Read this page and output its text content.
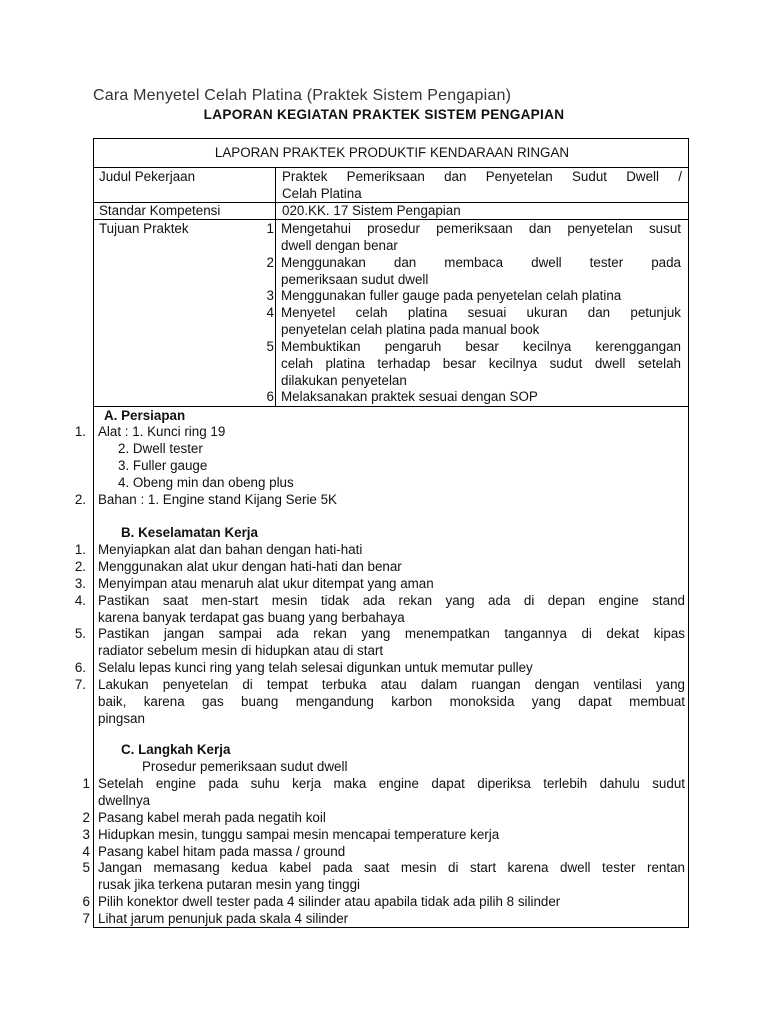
Cara Menyetel Celah Platina (Praktek Sistem Pengapian)
LAPORAN KEGIATAN PRAKTEK SISTEM PENGAPIAN
LAPORAN PRAKTEK PRODUKTIF KENDARAAN RINGAN
Judul Pekerjaan	Praktek Pemeriksaan dan Penyetelan Sudut Dwell /
Celah Platina
Standar Kompetensi	020.KK. 17 Sistem Pengapian
Tujuan Praktek	1 Mengetahui prosedur pemeriksaan dan penyetelan susut
dwell dengan benar
2 Menggunakan dan membaca dwell tester pada
pemeriksaan sudut dwell
3 Menggunakan fuller gauge pada penyetelan celah platina
4 Menyetel celah platina sesuai ukuran dan petunjuk
penyetelan celah platina pada manual book
5 Membuktikan pengaruh besar kecilnya kerenggangan
celah platina terhadap besar kecilnya sudut dwell setelah
dilakukan penyetelan
6 Melaksanakan praktek sesuai dengan SOP
A. Persiapan
1. Alat : 1. Kunci ring 19
2. Dwell tester
3. Fuller gauge
4. Obeng min dan obeng plus
2. Bahan : 1. Engine stand Kijang Serie 5K
B. Keselamatan Kerja
1. Menyiapkan alat dan bahan dengan hati-hati
2. Menggunakan alat ukur dengan hati-hati dan benar
3. Menyimpan atau menaruh alat ukur ditempat yang aman
4. Pastikan saat men-start mesin tidak ada rekan yang ada di depan engine stand
karena banyak terdapat gas buang yang berbahaya
5. Pastikan jangan sampai ada rekan yang menempatkan tangannya di dekat kipas
radiator sebelum mesin di hidupkan atau di start
6. Selalu lepas kunci ring yang telah selesai digunkan untuk memutar pulley
7. Lakukan penyetelan di tempat terbuka atau dalam ruangan dengan ventilasi yang
baik, karena gas buang mengandung karbon monoksida yang dapat membuat
pingsan
C. Langkah Kerja
Prosedur pemeriksaan sudut dwell
1 Setelah engine pada suhu kerja maka engine dapat diperiksa terlebih dahulu sudut
dwellnya
2 Pasang kabel merah pada negatih koil
3 Hidupkan mesin, tunggu sampai mesin mencapai temperature kerja
4 Pasang kabel hitam pada massa / ground
5 Jangan memasang kedua kabel pada saat mesin di start karena dwell tester rentan
rusak jika terkena putaran mesin yang tinggi
6 Pilih konektor dwell tester pada 4 silinder atau apabila tidak ada pilih 8 silinder
7 Lihat jarum penunjuk pada skala 4 silinder
